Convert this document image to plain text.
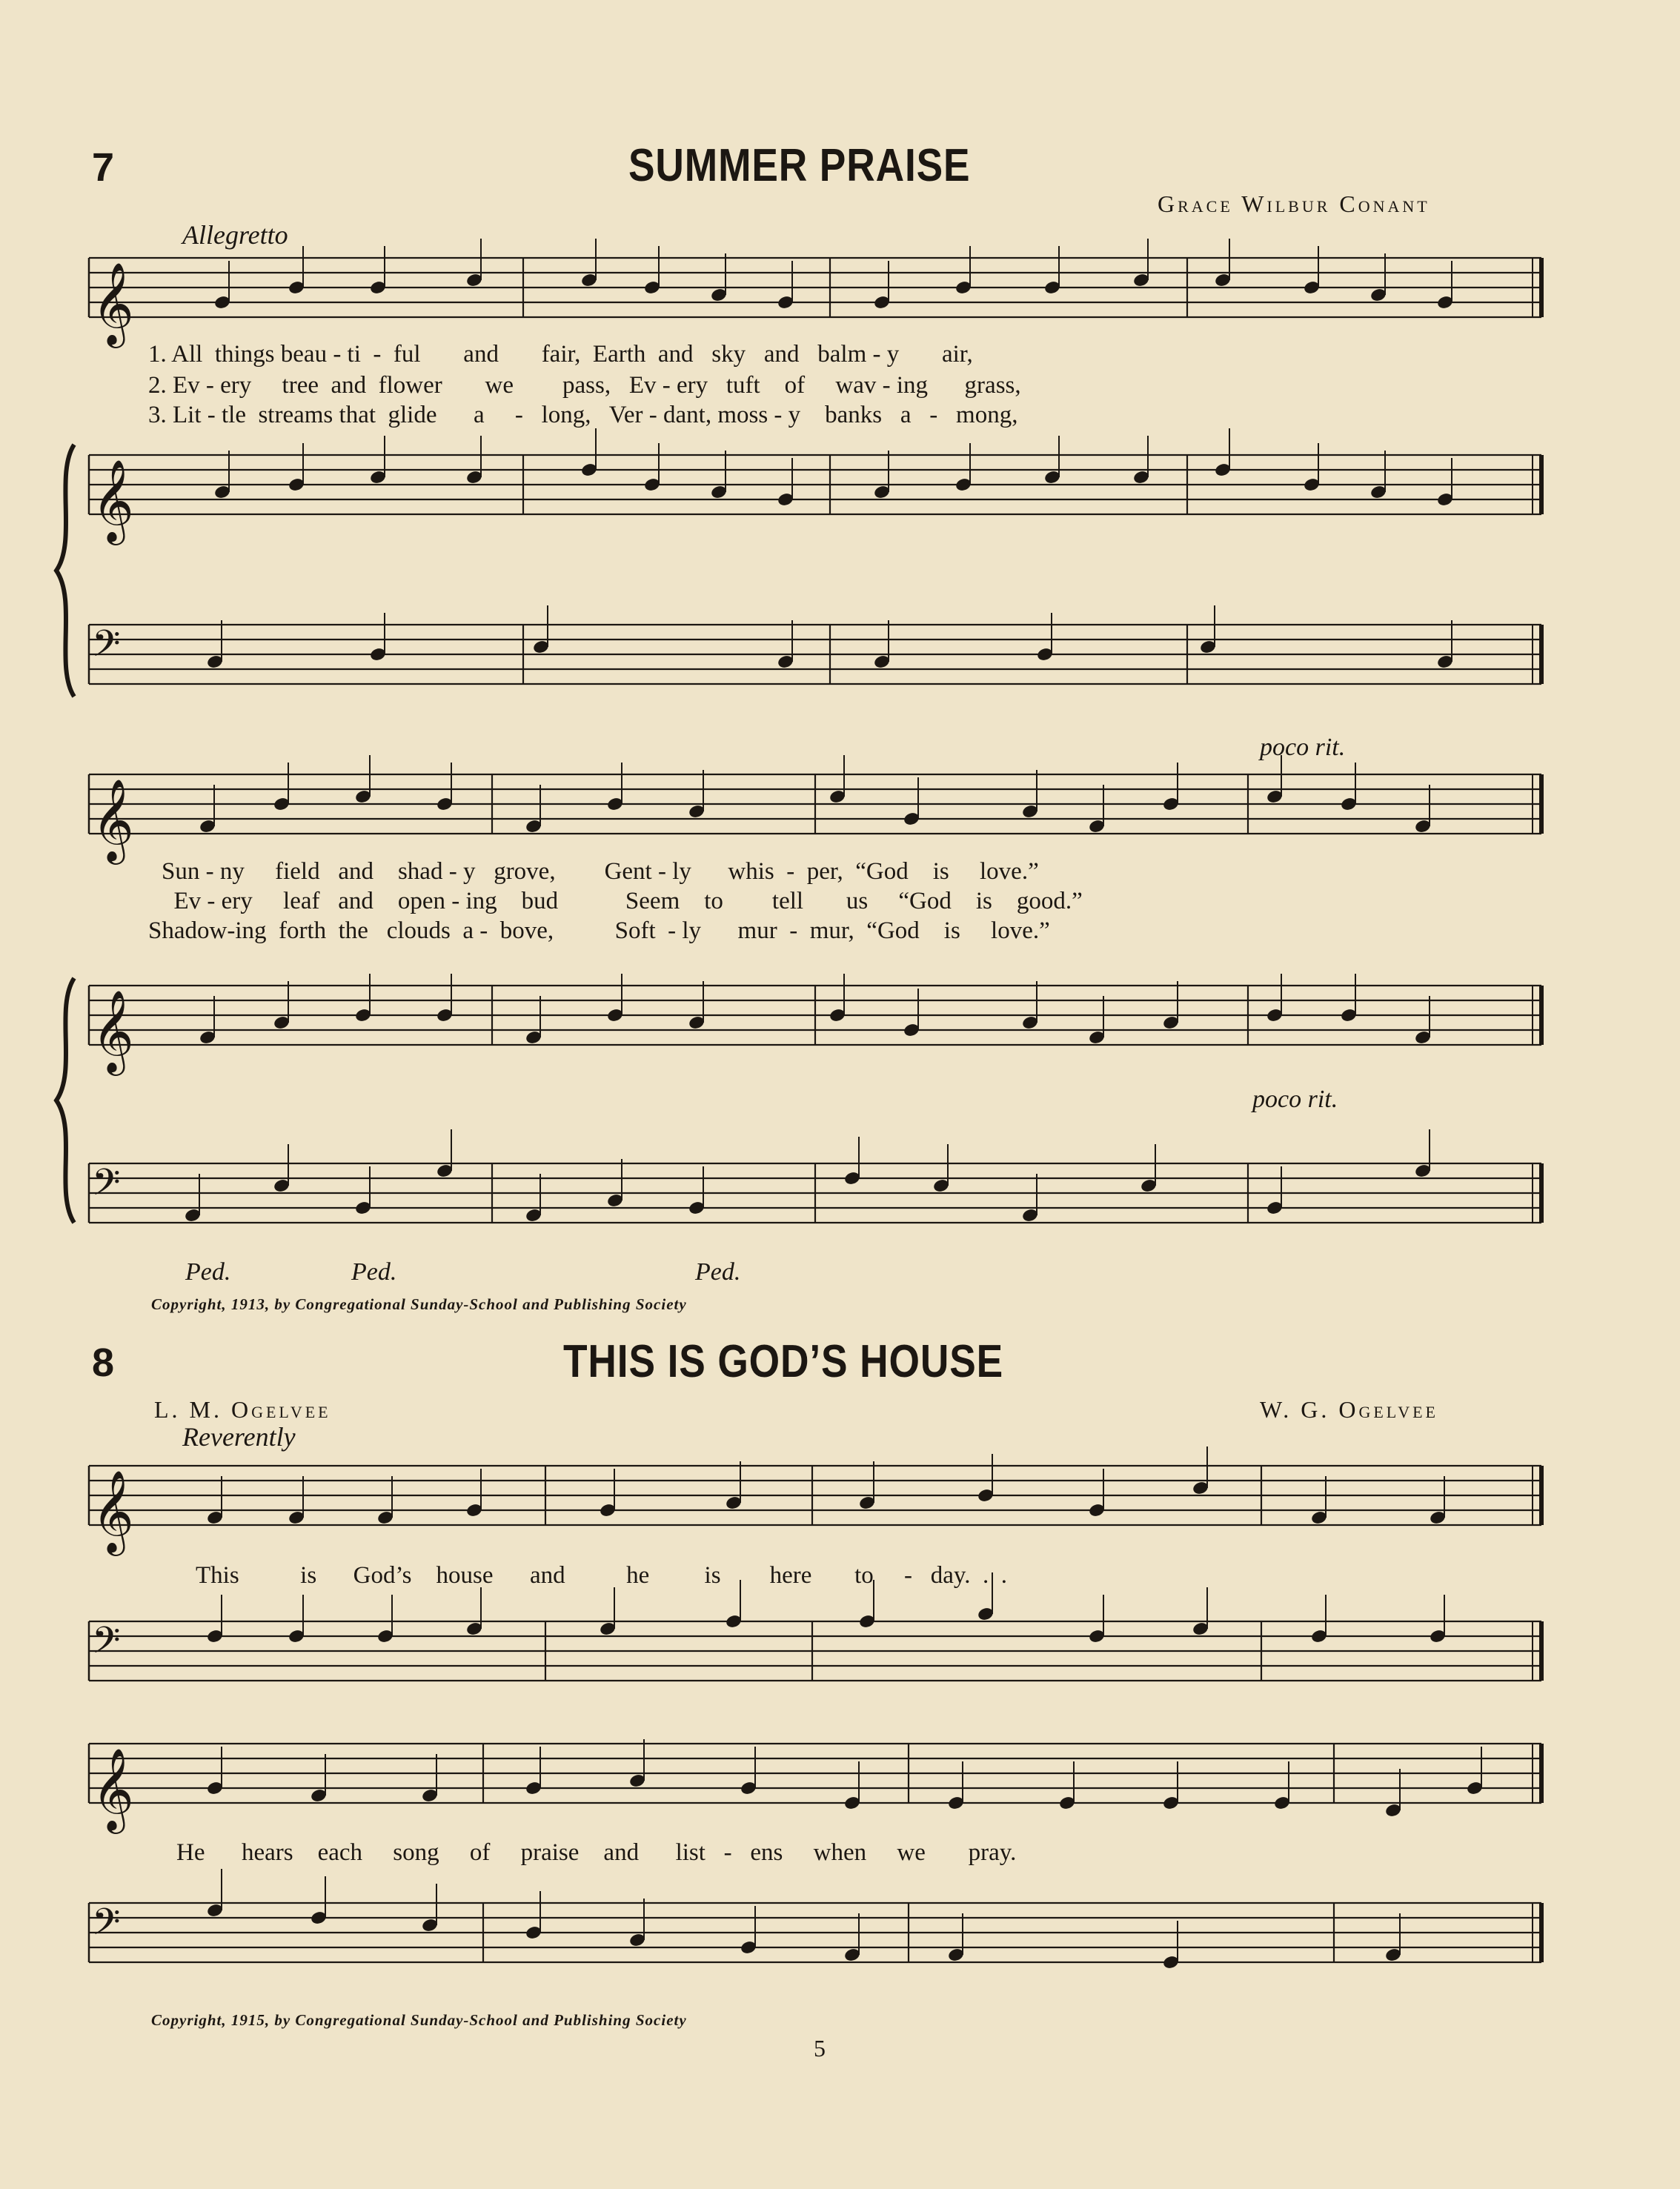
𝄞
𝄞
𝄢
𝄞
𝄞
𝄢
𝄞
𝄢
𝄞
𝄢
7	SUMMER PRAISE
Grace Wilbur Conant
Allegretto
1. All  things beau - ti  -  ful       and       fair,  Earth  and   sky   and   balm - y       air,
2. Ev - ery     tree  and  flower       we        pass,   Ev - ery   tuft    of     wav - ing      grass,
3. Lit - tle  streams that  glide      a     -   long,   Ver - dant, moss - y    banks   a   -   mong,
poco rit.
Sun - ny     field   and    shad - y   grove,        Gent - ly      whis  -  per,  “God    is     love.”
Ev - ery     leaf   and    open - ing    bud           Seem    to        tell       us     “God    is    good.”
Shadow-ing  forth  the   clouds  a -  bove,          Soft  - ly      mur  -  mur,  “God    is     love.”
poco rit.
Ped.	Ped.	Ped.
Copyright, 1913, by Congregational Sunday-School and Publishing Society
8	THIS IS GOD’S HOUSE
L. M. Ogelvee	W. G. Ogelvee
Reverently
This          is      God’s    house      and          he         is        here       to     -   day.  .  .
He      hears    each     song     of     praise    and      list   -   ens     when     we       pray.
Copyright, 1915, by Congregational Sunday-School and Publishing Society
5
